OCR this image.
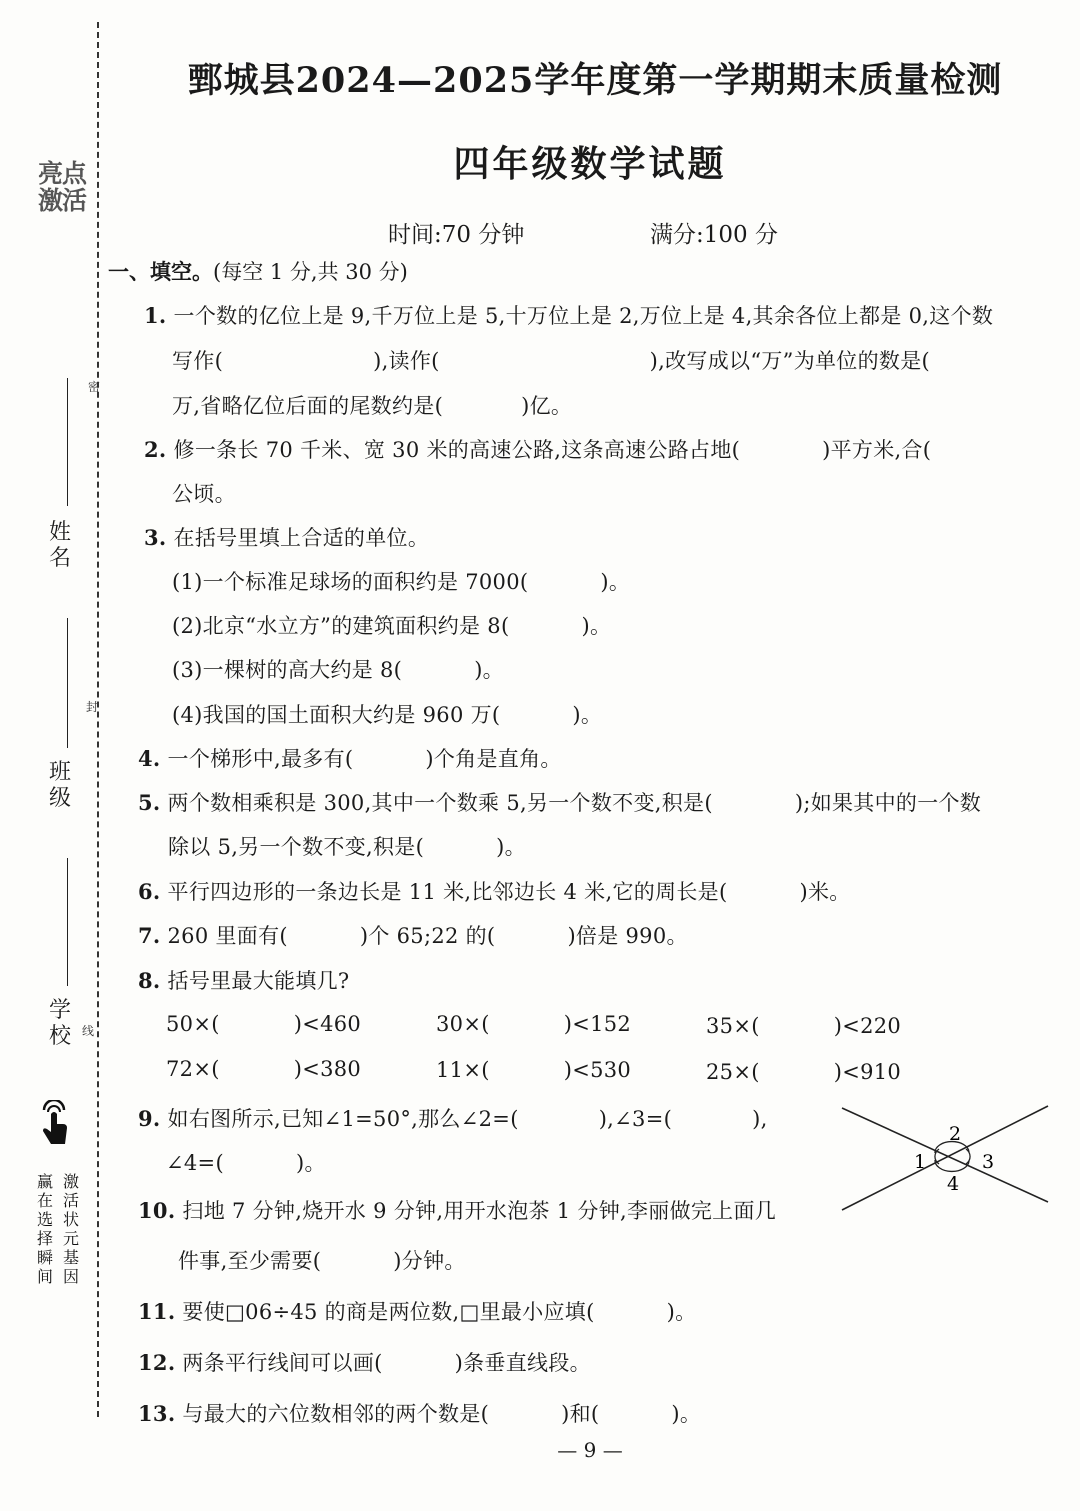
亮点
激活
密
封
线
姓名
班级
学校
激活状元基因
赢在选择瞬间
鄄城县2024—2025学年度第一学期期末质量检测
四年级数学试题
时间:70 分钟	满分:100 分
一、填空。(每空 1 分,共 30 分)
1. 一个数的亿位上是 9,千万位上是 5,十万位上是 2,万位上是 4,其余各位上都是 0,这个数
写作(	),读作(	),改写成以“万”为单位的数是(
万,省略亿位后面的尾数约是(	)亿。
2. 修一条长 70 千米、宽 30 米的高速公路,这条高速公路占地(	)平方米,合(
公顷。
3. 在括号里填上合适的单位。
(1)一个标准足球场的面积约是 7000(	)。
(2)北京“水立方”的建筑面积约是 8(	)。
(3)一棵树的高大约是 8(	)。
(4)我国的国土面积大约是 960 万(	)。
4. 一个梯形中,最多有(	)个角是直角。
5. 两个数相乘积是 300,其中一个数乘 5,另一个数不变,积是(	);如果其中的一个数
除以 5,另一个数不变,积是(	)。
6. 平行四边形的一条边长是 11 米,比邻边长 4 米,它的周长是(	)米。
7. 260 里面有(	)个 65;22 的(	)倍是 990。
8. 括号里最大能填几?
50×(	)<460	30×(	)<152	35×(	)<220
72×(	)<380	11×(	)<530	25×(	)<910
9. 如右图所示,已知∠1=50°,那么∠2=(	),∠3=(	),
∠4=(	)。	1
2
3
4
10. 扫地 7 分钟,烧开水 9 分钟,用开水泡茶 1 分钟,李丽做完上面几
件事,至少需要(	)分钟。
11. 要使□06÷45 的商是两位数,□里最小应填(	)。
12. 两条平行线间可以画(	)条垂直线段。
13. 与最大的六位数相邻的两个数是(	)和(	)。
— 9 —
